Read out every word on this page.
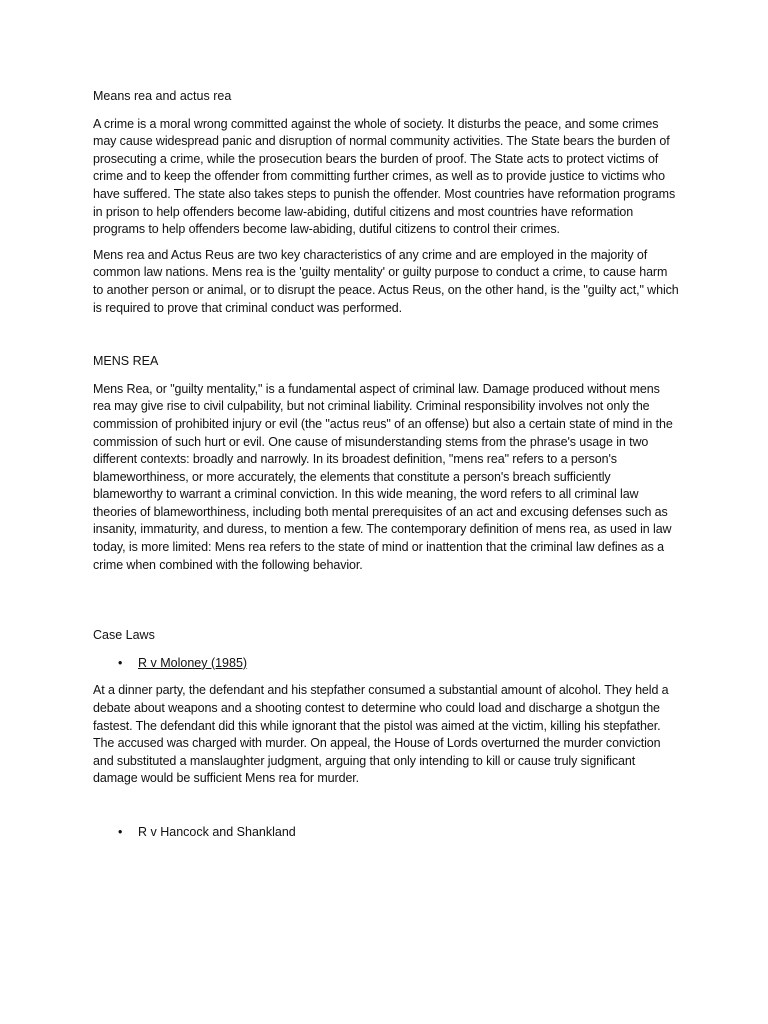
Means rea and actus rea

A crime is a moral wrong committed against the whole of society. It disturbs the peace, and some crimes may cause widespread panic and disruption of normal community activities. The State bears the burden of prosecuting a crime, while the prosecution bears the burden of proof. The State acts to protect victims of crime and to keep the offender from committing further crimes, as well as to provide justice to victims who have suffered. The state also takes steps to punish the offender. Most countries have reformation programs in prison to help offenders become law-abiding, dutiful citizens and most countries have reformation programs to help offenders become law-abiding, dutiful citizens to control their crimes.

Mens rea and Actus Reus are two key characteristics of any crime and are employed in the majority of common law nations. Mens rea is the 'guilty mentality' or guilty purpose to conduct a crime, to cause harm to another person or animal, or to disrupt the peace. Actus Reus, on the other hand, is the "guilty act," which is required to prove that criminal conduct was performed.

MENS REA

Mens Rea, or "guilty mentality," is a fundamental aspect of criminal law. Damage produced without mens rea may give rise to civil culpability, but not criminal liability. Criminal responsibility involves not only the commission of prohibited injury or evil (the "actus reus" of an offense) but also a certain state of mind in the commission of such hurt or evil. One cause of misunderstanding stems from the phrase's usage in two different contexts: broadly and narrowly. In its broadest definition, "mens rea" refers to a person's blameworthiness, or more accurately, the elements that constitute a person's breach sufficiently blameworthy to warrant a criminal conviction. In this wide meaning, the word refers to all criminal law theories of blameworthiness, including both mental prerequisites of an act and excusing defenses such as insanity, immaturity, and duress, to mention a few. The contemporary definition of mens rea, as used in law today, is more limited: Mens rea refers to the state of mind or inattention that the criminal law defines as a crime when combined with the following behavior.

Case Laws
• R v Moloney (1985)

At a dinner party, the defendant and his stepfather consumed a substantial amount of alcohol. They held a debate about weapons and a shooting contest to determine who could load and discharge a shotgun the fastest. The defendant did this while ignorant that the pistol was aimed at the victim, killing his stepfather. The accused was charged with murder. On appeal, the House of Lords overturned the murder conviction and substituted a manslaughter judgment, arguing that only intending to kill or cause truly significant damage would be sufficient Mens rea for murder.

• R v Hancock and Shankland
